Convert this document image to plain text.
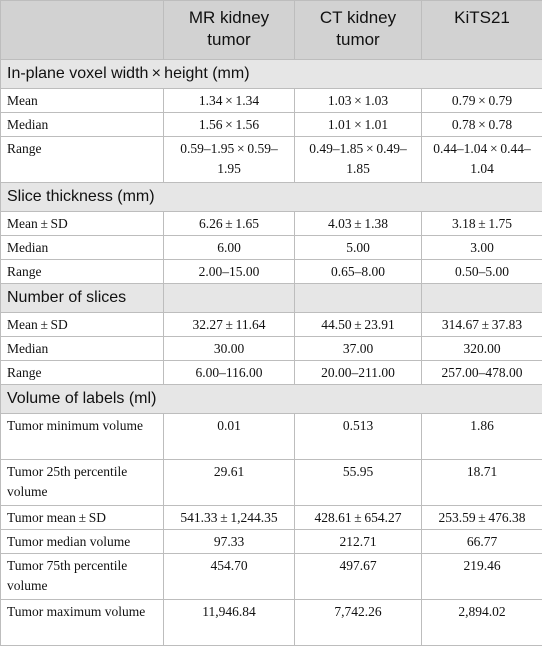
	MR kidney tumor	CT kidney tumor	KiTS21
In-plane voxel width × height (mm)			
Mean	1.34 × 1.34	1.03 × 1.03	0.79 × 0.79
Median	1.56 × 1.56	1.01 × 1.01	0.78 × 0.78
Range	0.59–1.95 × 0.59–1.95	0.49–1.85 × 0.49–1.85	0.44–1.04 × 0.44–1.04
Slice thickness (mm)			
Mean ± SD	6.26 ± 1.65	4.03 ± 1.38	3.18 ± 1.75
Median	6.00	5.00	3.00
Range	2.00–15.00	0.65–8.00	0.50–5.00
Number of slices			
Mean ± SD	32.27 ± 11.64	44.50 ± 23.91	314.67 ± 37.83
Median	30.00	37.00	320.00
Range	6.00–116.00	20.00–211.00	257.00–478.00
Volume of labels (ml)			
Tumor minimum volume	0.01	0.513	1.86
Tumor 25th percentile volume	29.61	55.95	18.71
Tumor mean ± SD	541.33 ± 1,244.35	428.61 ± 654.27	253.59 ± 476.38
Tumor median volume	97.33	212.71	66.77
Tumor 75th percentile volume	454.70	497.67	219.46
Tumor maximum volume	11,946.84	7,742.26	2,894.02
